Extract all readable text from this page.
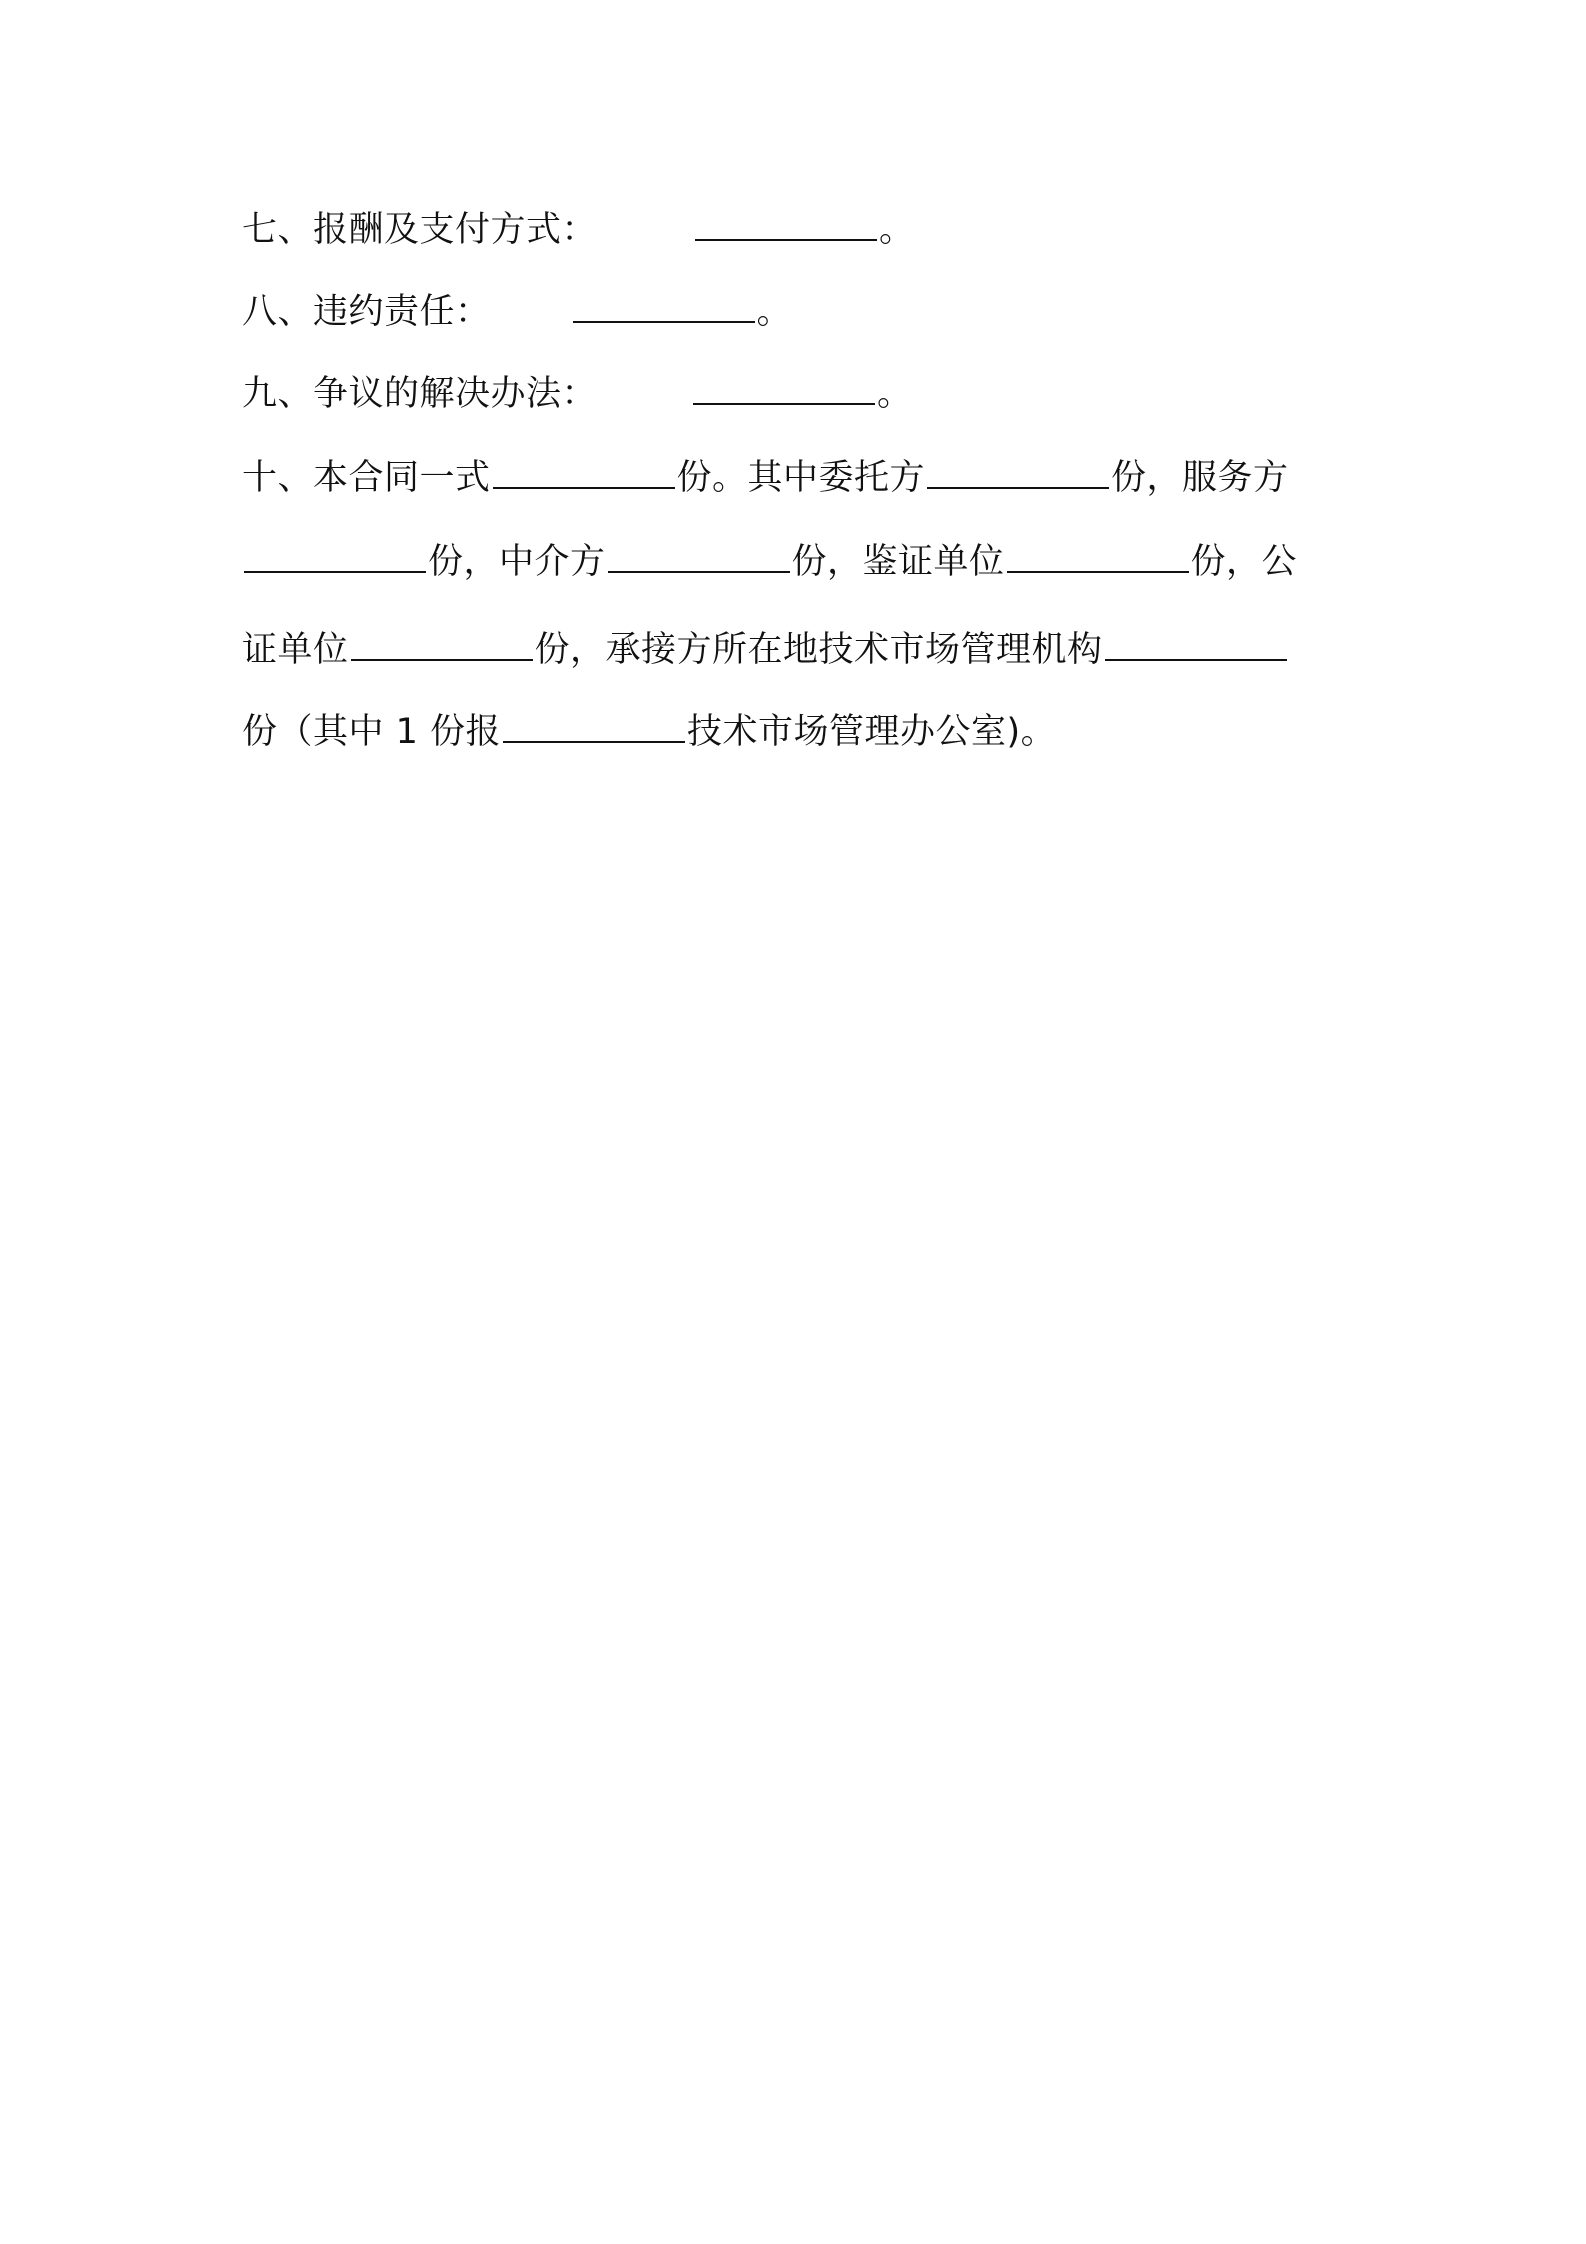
七、报酬及支付方式：	。
八、违约责任：	。
九、争议的解决办法：	。
十、本合同一式	份。其中委托方	份，服务方
份，中介方	份，鉴证单位	份，公
证单位	份，承接方所在地技术市场管理机构
份（其中 1 份报	技术市场管理办公室)。
